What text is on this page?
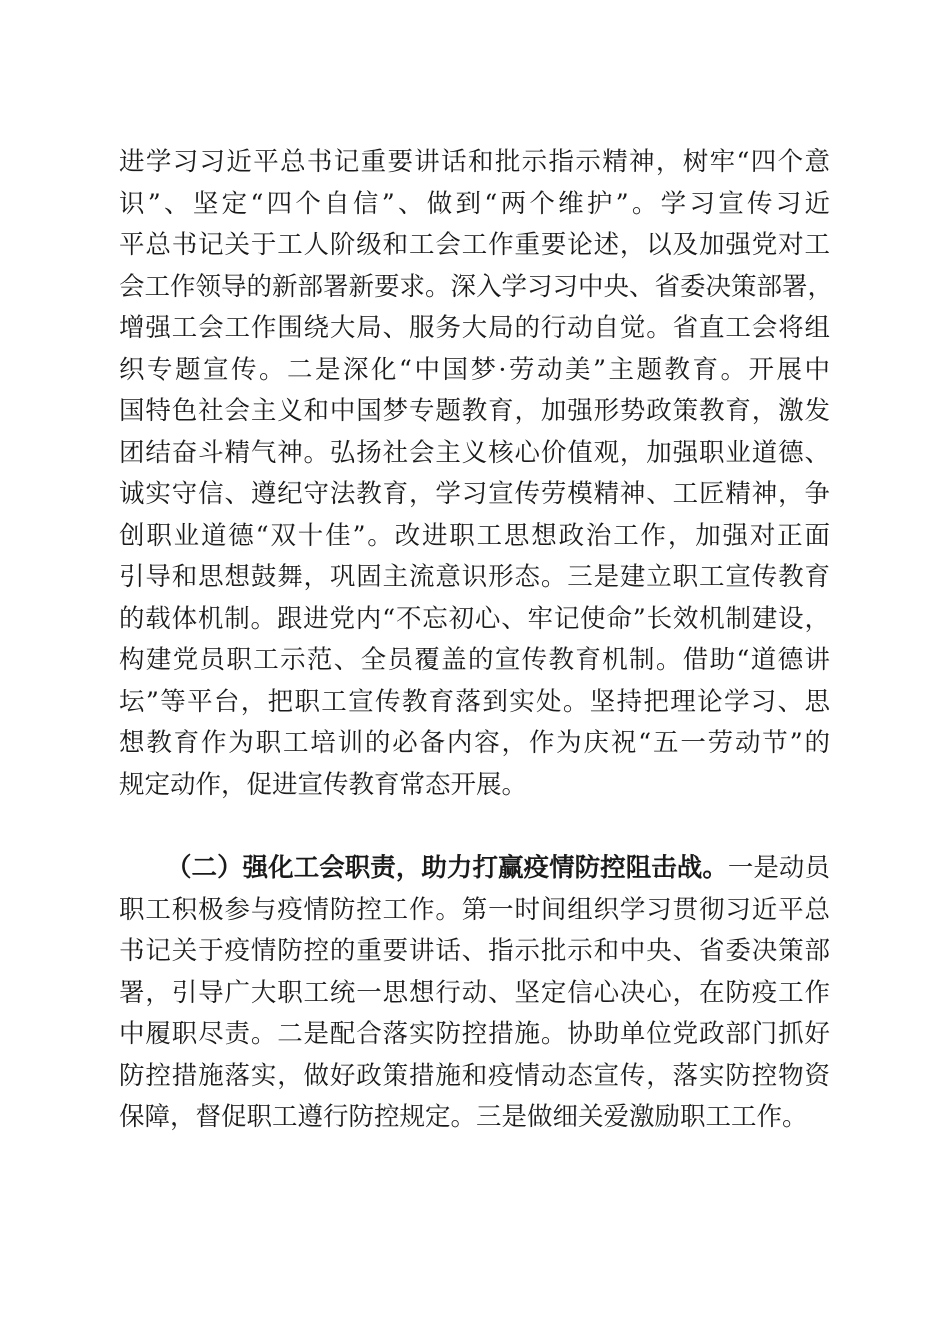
进学习习近平总书记重要讲话和批示指示精神，树牢“四个意
识”、坚定“四个自信”、做到“两个维护”。学习宣传习近
平总书记关于工人阶级和工会工作重要论述，以及加强党对工
会工作领导的新部署新要求。深入学习习中央、省委决策部署，
增强工会工作围绕大局、服务大局的行动自觉。省直工会将组
织专题宣传。二是深化“中国梦·劳动美”主题教育。开展中
国特色社会主义和中国梦专题教育，加强形势政策教育，激发
团结奋斗精气神。弘扬社会主义核心价值观，加强职业道德、
诚实守信、遵纪守法教育，学习宣传劳模精神、工匠精神，争
创职业道德“双十佳”。改进职工思想政治工作，加强对正面
引导和思想鼓舞，巩固主流意识形态。三是建立职工宣传教育
的载体机制。跟进党内“不忘初心、牢记使命”长效机制建设，
构建党员职工示范、全员覆盖的宣传教育机制。借助“道德讲
坛”等平台，把职工宣传教育落到实处。坚持把理论学习、思
想教育作为职工培训的必备内容，作为庆祝“五一劳动节”的
规定动作，促进宣传教育常态开展。
（二）强化工会职责，助力打赢疫情防控阻击战。一是动员
职工积极参与疫情防控工作。第一时间组织学习贯彻习近平总
书记关于疫情防控的重要讲话、指示批示和中央、省委决策部
署，引导广大职工统一思想行动、坚定信心决心，在防疫工作
中履职尽责。二是配合落实防控措施。协助单位党政部门抓好
防控措施落实，做好政策措施和疫情动态宣传，落实防控物资
保障，督促职工遵行防控规定。三是做细关爱激励职工工作。
